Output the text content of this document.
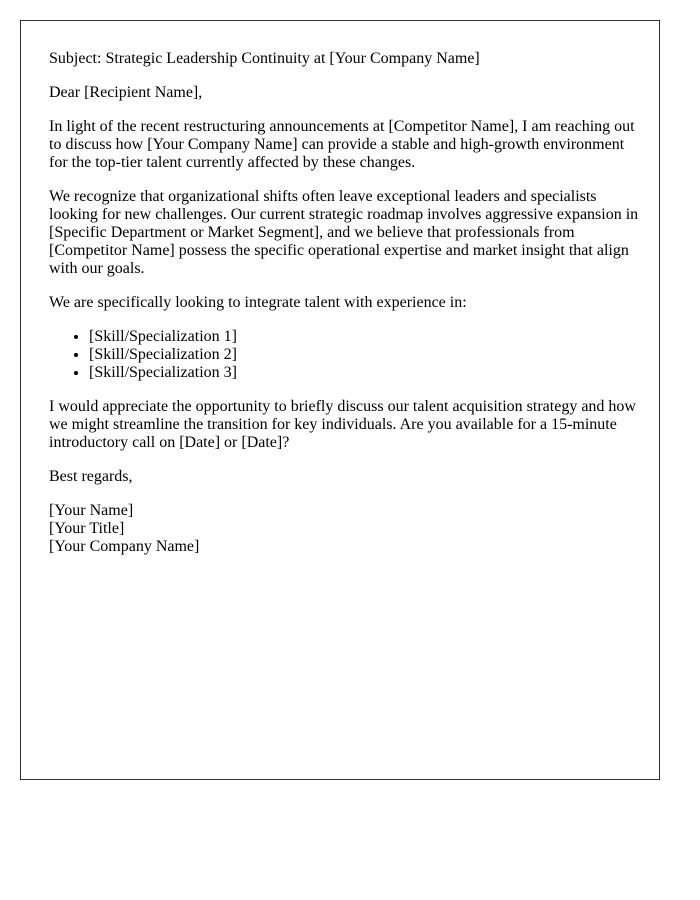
Subject: Strategic Leadership Continuity at [Your Company Name]

Dear [Recipient Name],

In light of the recent restructuring announcements at [Competitor Name], I am reaching out to discuss how [Your Company Name] can provide a stable and high-growth environment for the top-tier talent currently affected by these changes.

We recognize that organizational shifts often leave exceptional leaders and specialists looking for new challenges. Our current strategic roadmap involves aggressive expansion in [Specific Department or Market Segment], and we believe that professionals from [Competitor Name] possess the specific operational expertise and market insight that align with our goals.

We are specifically looking to integrate talent with experience in:

• [Skill/Specialization 1]
• [Skill/Specialization 2]
• [Skill/Specialization 3]

I would appreciate the opportunity to briefly discuss our talent acquisition strategy and how we might streamline the transition for key individuals. Are you available for a 15-minute introductory call on [Date] or [Date]?

Best regards,

[Your Name]
[Your Title]
[Your Company Name]
